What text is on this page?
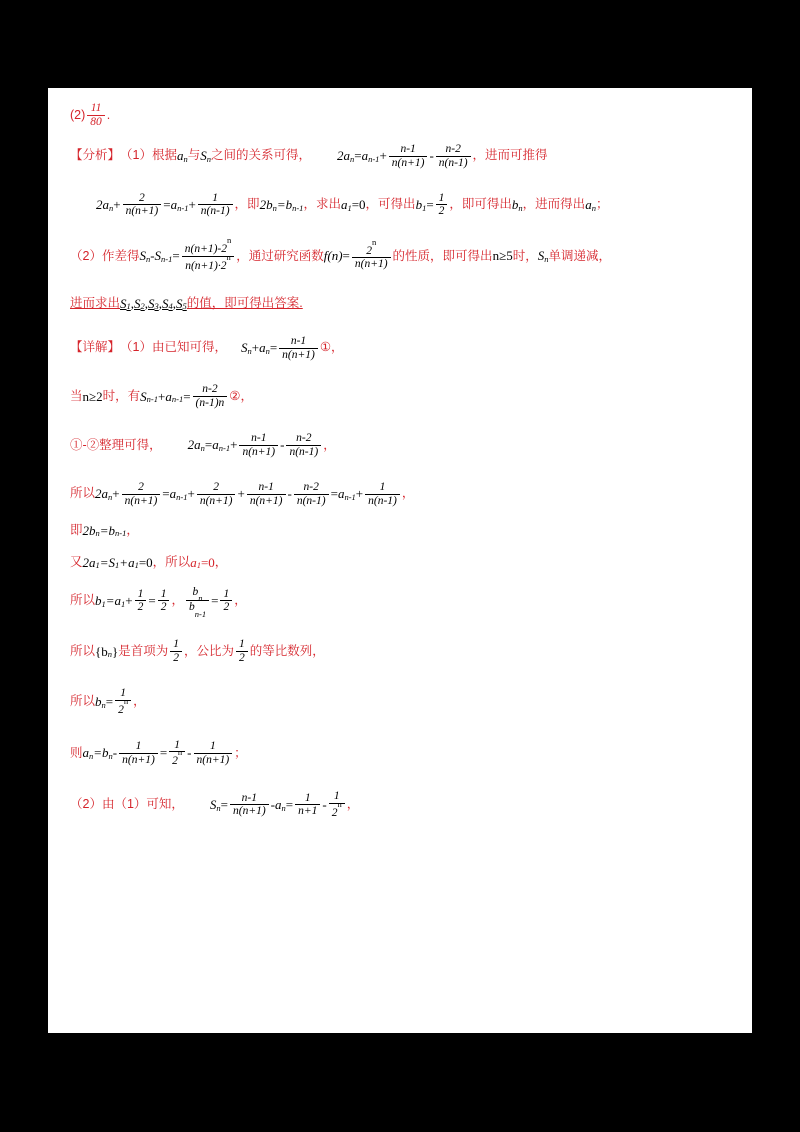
$(2) \frac{11}{80}$ .
【分析】 （1）根据 a n 与 S n 之间的关系可得， 2a n = a $n-1 + \frac{n-1}{n(n+1)} - \frac{n-2}{n(n-1)}$ ，进而可推得
2a $n + \frac{2}{n(n+1)} = a$ $n-1 + \frac{1}{n(n-1)}$ ，即 2b n =b n-1 ，求出 a 1 =0 ，可得出 b $1 = \frac{1}{2}$ ，即可得出 b n ，进而得出 a n ；
（2）作差得 S n - S $n-1 = \frac{n(n+1)-2^n}{n(n+1)\cdot 2^n}$ ，通过研究函数 $f(n) = \frac{2^n}{n(n+1)}$ 的性质，即可得出 n≥5 时， S n 单调递减，
进而求出 S 1 , S 2 , S 3 , S 4 , S 5 的值，即可得出答案.
【详解】 （1）由已知可得， S n + a $n = \frac{n-1}{n(n+1)}$ ①，
当 n≥2 时，有 S n-1 + a $n-1 = \frac{n-2}{(n-1)n}$ ②，
①-②整理可得， 2a n = a $n-1 + \frac{n-1}{n(n+1)} - \frac{n-2}{n(n-1)}$ ，
所以 2a $n + \frac{2}{n(n+1)} = a$ $n-1 + \frac{2}{n(n+1)} + \frac{n-1}{n(n+1)} - \frac{n-2}{n(n-1)} = a$ $n-1 + \frac{1}{n(n-1)}$ ，
即 2b n =b n-1 ，
又 2a 1 =S 1 +a 1 =0 ，所以 a 1 =0 ，
所以 b 1 =a $1 + \frac{1}{2} = \frac{1}{2}$ ， $\frac{b_n}{b_{n-1}} = \frac{1}{2}$ ，
所以 {b n } 是首项为 $\frac{1}{2}$ ，公比为 $\frac{1}{2}$ 的等比数列，
所以 b $n = \frac{1}{2^n}$ ，
则 a n =b $n - \frac{1}{n(n+1)} = \frac{1}{2^n} - \frac{1}{n(n+1)}$ ；
（2）由（1）可知， S $n = \frac{n-1}{n(n+1)} - a$ $n = \frac{1}{n+1} - \frac{1}{2^n}$ ，
